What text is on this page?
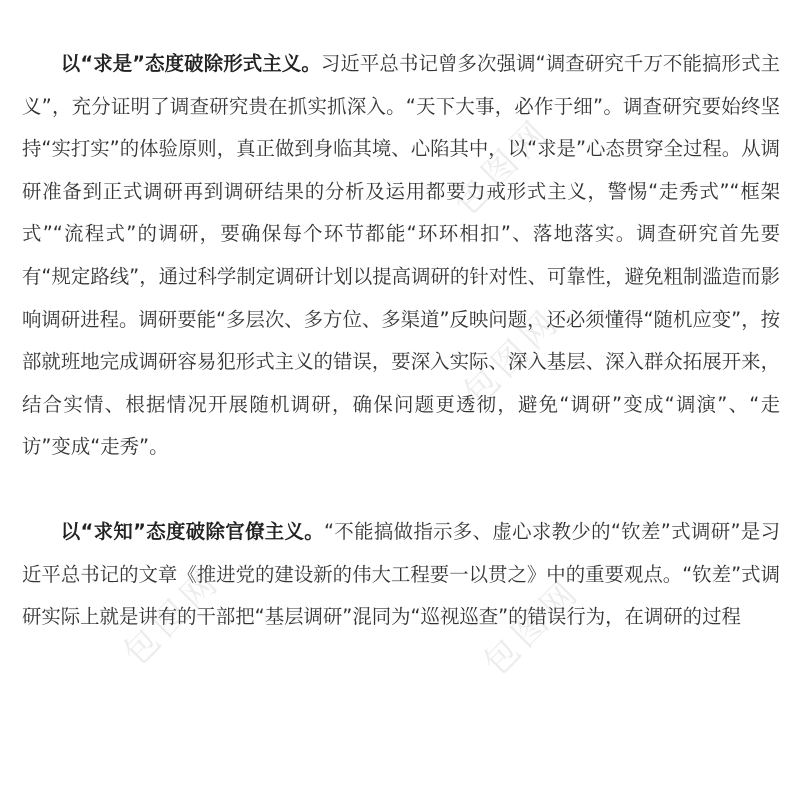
包图网
包图网
包图网
包图网

以“求是”态度破除形式主义。习近平总书记曾多次强调“调查研究千万不能搞形式主义”，充分证明了调查研究贵在抓实抓深入。“天下大事，必作于细”。调查研究要始终坚持“实打实”的体验原则，真正做到身临其境、心陷其中，以“求是”心态贯穿全过程。从调研准备到正式调研再到调研结果的分析及运用都要力戒形式主义，警惕“走秀式”“框架式”“流程式”的调研，要确保每个环节都能“环环相扣”、落地落实。调查研究首先要有“规定路线”，通过科学制定调研计划以提高调研的针对性、可靠性，避免粗制滥造而影响调研进程。调研要能“多层次、多方位、多渠道”反映问题，还必须懂得“随机应变”，按部就班地完成调研容易犯形式主义的错误，要深入实际、深入基层、深入群众拓展开来，结合实情、根据情况开展随机调研，确保问题更透彻，避免“调研”变成“调演”、“走访”变成“走秀”。

以“求知”态度破除官僚主义。“不能搞做指示多、虚心求教少的“钦差”式调研”是习近平总书记的文章《推进党的建设新的伟大工程要一以贯之》中的重要观点。“钦差”式调研实际上就是讲有的干部把“基层调研”混同为“巡视巡查”的错误行为，在调研的过程
